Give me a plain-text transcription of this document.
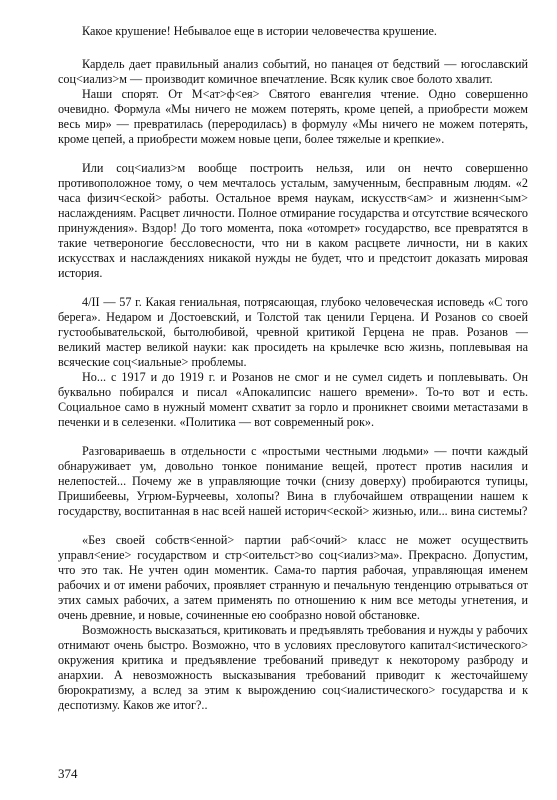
Какое крушение! Небывалое еще в истории человечества крушение.

Кардель дает правильный анализ событий, но панацея от бедствий — югославский соц<иализ>м — производит комичное впечатление. Всяк кулик свое болото хвалит.

Наши спорят. От М<ат>ф<ея> Святого евангелия чтение. Одно совершенно очевидно. Формула «Мы ничего не можем потерять, кроме цепей, а приобрести можем весь мир» — превратилась (переродилась) в формулу «Мы ничего не можем потерять, кроме цепей, а приобрести можем новые цепи, более тяжелые и крепкие».

Или соц<иализ>м вообще построить нельзя, или он нечто совершенно противоположное тому, о чем мечталось усталым, замученным, бесправным людям. «2 часа физич<еской> работы. Остальное время наукам, искусств<ам> и жизненн<ым> наслаждениям. Расцвет личности. Полное отмирание государства и отсутствие всяческого принуждения». Вздор! До того момента, пока «отомрет» государство, все превратятся в такие четвероногие бессловесности, что ни в каком расцвете личности, ни в каких искусствах и наслаждениях никакой нужды не будет, что и предстоит доказать мировая история.

4/II — 57 г. Какая гениальная, потрясающая, глубоко человеческая исповедь «С того берега». Недаром и Достоевский, и Толстой так ценили Герцена. И Розанов со своей густообывательской, бытолюбивой, чревной критикой Герцена не прав. Розанов — великий мастер великой науки: как просидеть на крылечке всю жизнь, поплевывая на всяческие соц<иальные> проблемы.

Но... с 1917 и до 1919 г. и Розанов не смог и не сумел сидеть и поплевывать. Он буквально побирался и писал «Апокалипсис нашего времени». То-то вот и есть. Социальное само в нужный момент схватит за горло и проникнет своими метастазами в печенки и в селезенки. «Политика — вот современный рок».

Разговариваешь в отдельности с «простыми честными людьми» — почти каждый обнаруживает ум, довольно тонкое понимание вещей, протест против насилия и нелепостей... Почему же в управляющие точки (снизу доверху) пробираются тупицы, Пришибеевы, Угрюм-Бурчеевы, холопы? Вина в глубочайшем отвращении нашем к государству, воспитанная в нас всей нашей историч<еской> жизнью, или... вина системы?

«Без своей собств<енной> партии раб<очий> класс не может осуществить управл<ение> государством и стр<оительст>во соц<иализ>ма». Прекрасно. Допустим, что это так. Не учтен один моментик. Сама-то партия рабочая, управляющая именем рабочих и от имени рабочих, проявляет странную и печальную тенденцию отрываться от этих самых рабочих, а затем применять по отношению к ним все методы угнетения, и очень древние, и новые, сочиненные ею сообразно новой обстановке.

Возможность высказаться, критиковать и предъявлять требования и нужды у рабочих отнимают очень быстро. Возможно, что в условиях пресловутого капитал<истического> окружения критика и предъявление требований приведут к некоторому разброду и анархии. А невозможность высказывания требований приводит к жесточайшему бюрократизму, а вслед за этим к вырождению соц<иалистического> государства и к деспотизму. Каков же итог?..

374
